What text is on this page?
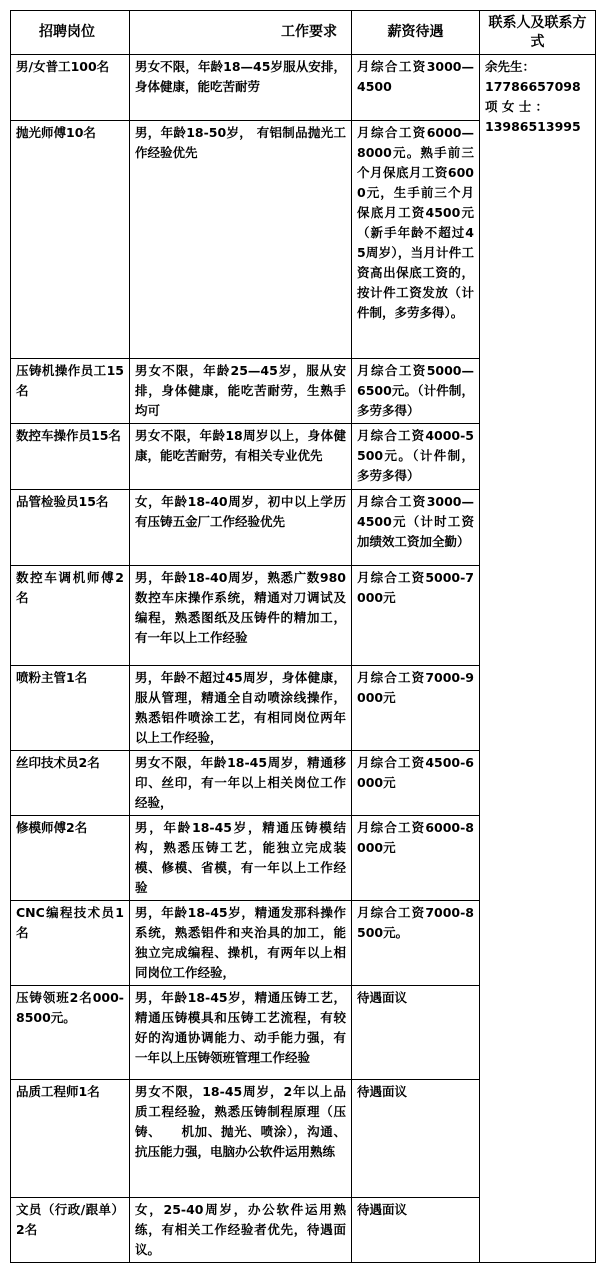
招聘岗位	工作要求	薪资待遇	联系人及联系方式
男/女普工100名	男女不限，年龄18—45岁服从安排，身体健康，能吃苦耐劳	月综合工资3000—4500	余先生：
17786657098
项 女 士 ：
13986513995

抛光师傅10名	男，年龄18-50岁， 有铝制品抛光工作经验优先	月综合工资6000—8000元。熟手前三个月保底月工资6000元，生手前三个月保底月工资4500元（新手年龄不超过45周岁），当月计件工资高出保底工资的，按计件工资发放（计件制，多劳多得）。	
压铸机操作员工15名	男女不限，年龄25—45岁，服从安排，身体健康，能吃苦耐劳，生熟手均可	月综合工资5000—6500元。（计件制，多劳多得）	
数控车操作员15名	男女不限，年龄18周岁以上，身体健康，能吃苦耐劳，有相关专业优先	月综合工资4000-5500元。（计件制，多劳多得）	
品管检验员15名	女，年龄18-40周岁，初中以上学历有压铸五金厂工作经验优先	月综合工资3000—4500元（计时工资加绩效工资加全勤）	
数控车调机师傅2名	男，年龄18-40周岁，熟悉广数980数控车床操作系统，精通对刀调试及编程，熟悉图纸及压铸件的精加工，有一年以上工作经验	月综合工资5000-7000元	
喷粉主管1名	男，年龄不超过45周岁，身体健康，服从管理，精通全自动喷涂线操作，熟悉铝件喷涂工艺，有相同岗位两年以上工作经验，	月综合工资7000-9000元	
丝印技术员2名	男女不限，年龄18-45周岁，精通移印、丝印，有一年以上相关岗位工作经验，	月综合工资4500-6000元	
修模师傅2名	男，年龄18-45岁，精通压铸模结构，熟悉压铸工艺，能独立完成装模、修模、省模，有一年以上工作经验	月综合工资6000-8000元	
CNC编程技术员1名	男，年龄18-45岁，精通发那科操作系统，熟悉铝件和夹治具的加工，能独立完成编程、操机，有两年以上相同岗位工作经验，	月综合工资7000-8500元。	
压铸领班2名000-8500元。	男，年龄18-45岁，精通压铸工艺，精通压铸模具和压铸工艺流程，有较好的沟通协调能力、动手能力强，有一年以上压铸领班管理工作经验	待遇面议	
品质工程师1名	男女不限，18-45周岁，2年以上品质工程经验，熟悉压铸制程原理（压铸、　　机加、抛光、喷涂），沟通、抗压能力强，电脑办公软件运用熟练	待遇面议	
文员（行政/跟单）2名	女，25-40周岁，办公软件运用熟练，有相关工作经验者优先，待遇面议。	待遇面议	
